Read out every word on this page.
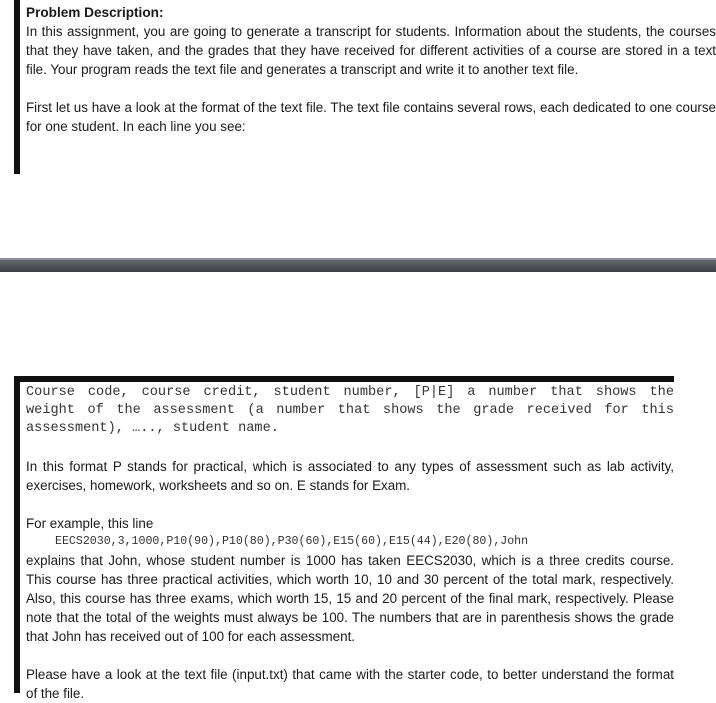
Problem Description:

In this assignment, you are going to generate a transcript for students. Information about the students, the courses that they have taken, and the grades that they have received for different activities of a course are stored in a text file. Your program reads the text file and generates a transcript and write it to another text file.

First let us have a look at the format of the text file. The text file contains several rows, each dedicated to one course for one student. In each line you see:

Course code, course credit, student number, [P|E] a number that shows the weight of the assessment (a number that shows the grade received for this assessment), ….., student name.

In this format P stands for practical, which is associated to any types of assessment such as lab activity, exercises, homework, worksheets and so on. E stands for Exam.

For example, this line

EECS2030,3,1000,P10(90),P10(80),P30(60),E15(60),E15(44),E20(80),John

explains that John, whose student number is 1000 has taken EECS2030, which is a three credits course. This course has three practical activities, which worth 10, 10 and 30 percent of the total mark, respectively. Also, this course has three exams, which worth 15, 15 and 20 percent of the final mark, respectively. Please note that the total of the weights must always be 100. The numbers that are in parenthesis shows the grade that John has received out of 100 for each assessment.

Please have a look at the text file (input.txt) that came with the starter code, to better understand the format of the file.
